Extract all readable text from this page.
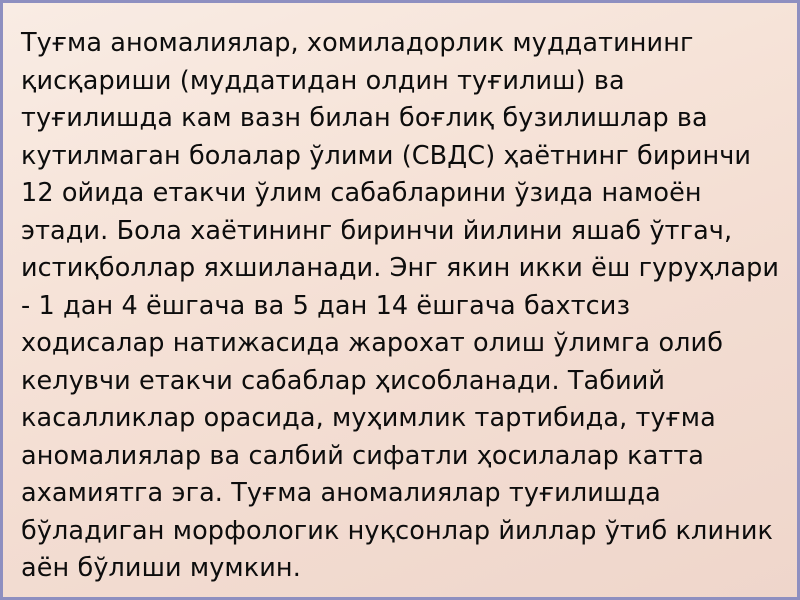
Туғма аномалиялар, хомиладорлик муддатининг қисқариши (муддатидан олдин туғилиш) ва туғилишда кам вазн билан боғлиқ бузилишлар ва кутилмаган болалар ўлими (СВДС) ҳаётнинг биринчи 12 ойида етакчи ўлим сабабларини ўзида намоён этади. Бола хаётининг биринчи йилини яшаб ўтгач, истиқболлар яхшиланади. Энг якин икки ёш гуруҳлари - 1 дан 4 ёшгача ва 5 дан 14 ёшгача бахтсиз ходисалар натижасида жарохат олиш ўлимга олиб келувчи етакчи сабаблар ҳисобланади. Табиий касалликлар орасида, муҳимлик тартибида, туғма аномалиялар ва салбий сифатли ҳосилалар катта ахамиятга эга. Туғма аномалиялар туғилишда бўладиган морфологик нуқсонлар йиллар ўтиб клиник аён бўлиши мумкин.
